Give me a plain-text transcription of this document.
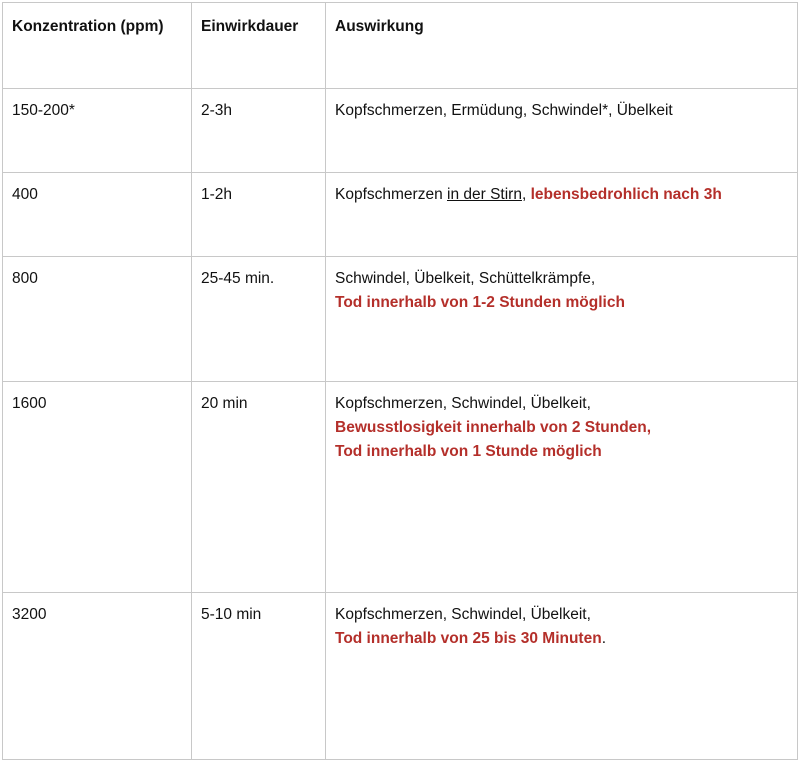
Konzentration (ppm)	Einwirkdauer	Auswirkung
150-200*	2-3h	Kopfschmerzen, Ermüdung, Schwindel*, Übelkeit
400	1-2h	Kopfschmerzen in der Stirn, lebensbedrohlich nach 3h
800	25-45 min.	Schwindel, Übelkeit, Schüttelkrämpfe,
Tod innerhalb von 1-2 Stunden möglich

1600	20 min	Kopfschmerzen, Schwindel, Übelkeit,
Bewusstlosigkeit innerhalb von 2 Stunden,
Tod innerhalb von 1 Stunde möglich

3200	5-10 min	Kopfschmerzen, Schwindel, Übelkeit,
Tod innerhalb von 25 bis 30 Minuten.
